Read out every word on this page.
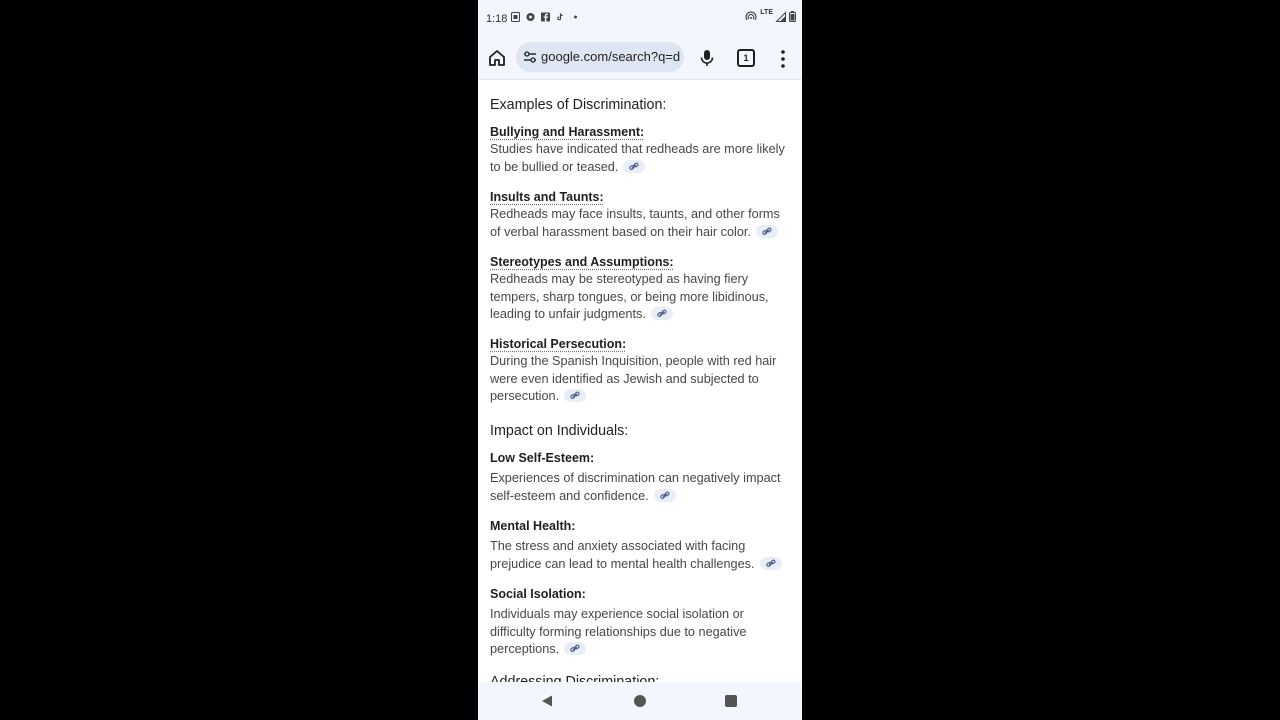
1:18
LTE
google.com/search?q=d	1
Examples of Discrimination:
Bullying and Harassment:
Studies have indicated that redheads are more likely to be bullied or teased.
Insults and Taunts:
Redheads may face insults, taunts, and other forms of verbal harassment based on their hair color.
Stereotypes and Assumptions:
Redheads may be stereotyped as having fiery tempers, sharp tongues, or being more libidinous, leading to unfair judgments.
Historical Persecution:
During the Spanish Inquisition, people with red hair were even identified as Jewish and subjected to persecution.
Impact on Individuals:
Low Self-Esteem:
Experiences of discrimination can negatively impact self-esteem and confidence.
Mental Health:
The stress and anxiety associated with facing prejudice can lead to mental health challenges.
Social Isolation:
Individuals may experience social isolation or difficulty forming relationships due to negative perceptions.
